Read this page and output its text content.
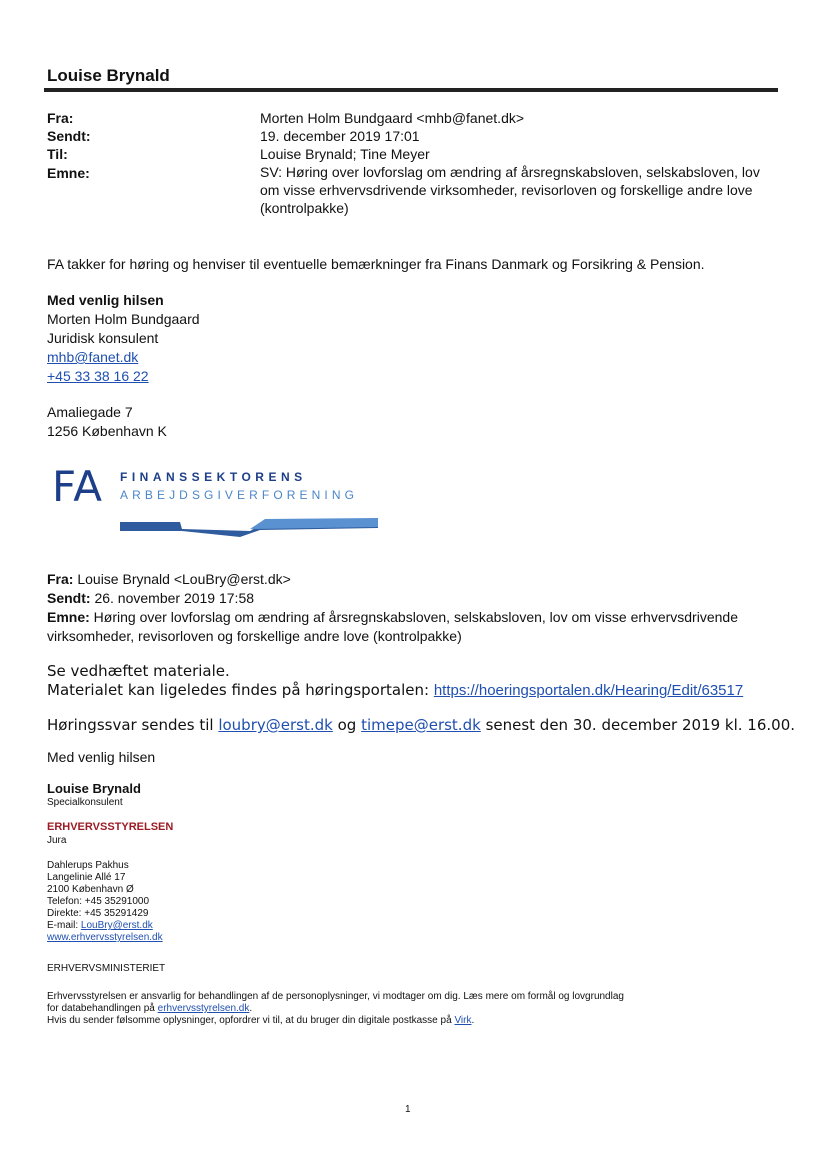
Louise Brynald
Fra:	Morten Holm Bundgaard <mhb@fanet.dk>
Sendt:	19. december 2019 17:01
Til:	Louise Brynald; Tine Meyer
Emne:	SV: Høring over lovforslag om ændring af årsregnskabsloven, selskabsloven, lov om visse erhvervsdrivende virksomheder, revisorloven og forskellige andre love (kontrolpakke)
FA takker for høring og henviser til eventuelle bemærkninger fra Finans Danmark og Forsikring & Pension.
Med venlig hilsen
Morten Holm Bundgaard
Juridisk konsulent
mhb@fanet.dk
+45 33 38 16 22
Amaliegade 7
1256 København K
FA FINANSSEKTORENS
ARBEJDSGIVERFORENING
Fra: Louise Brynald <LouBry@erst.dk>
Sendt: 26. november 2019 17:58
Emne: Høring over lovforslag om ændring af årsregnskabsloven, selskabsloven, lov om visse erhvervsdrivende virksomheder, revisorloven og forskellige andre love (kontrolpakke)
Se vedhæftet materiale.
Materialet kan ligeledes findes på høringsportalen: https://hoeringsportalen.dk/Hearing/Edit/63517
Høringssvar sendes til loubry@erst.dk og timepe@erst.dk senest den 30. december 2019 kl. 16.00.
Med venlig hilsen
Louise Brynald
Specialkonsulent
ERHVERVSSTYRELSEN
Jura
Dahlerups Pakhus
Langelinie Allé 17
2100 København Ø
Telefon: +45 35291000
Direkte: +45 35291429
E-mail: LouBry@erst.dk
www.erhvervsstyrelsen.dk
ERHVERVSMINISTERIET
Erhvervsstyrelsen er ansvarlig for behandlingen af de personoplysninger, vi modtager om dig. Læs mere om formål og lovgrundlag
for databehandlingen på erhvervsstyrelsen.dk.
Hvis du sender følsomme oplysninger, opfordrer vi til, at du bruger din digitale postkasse på Virk.
1
